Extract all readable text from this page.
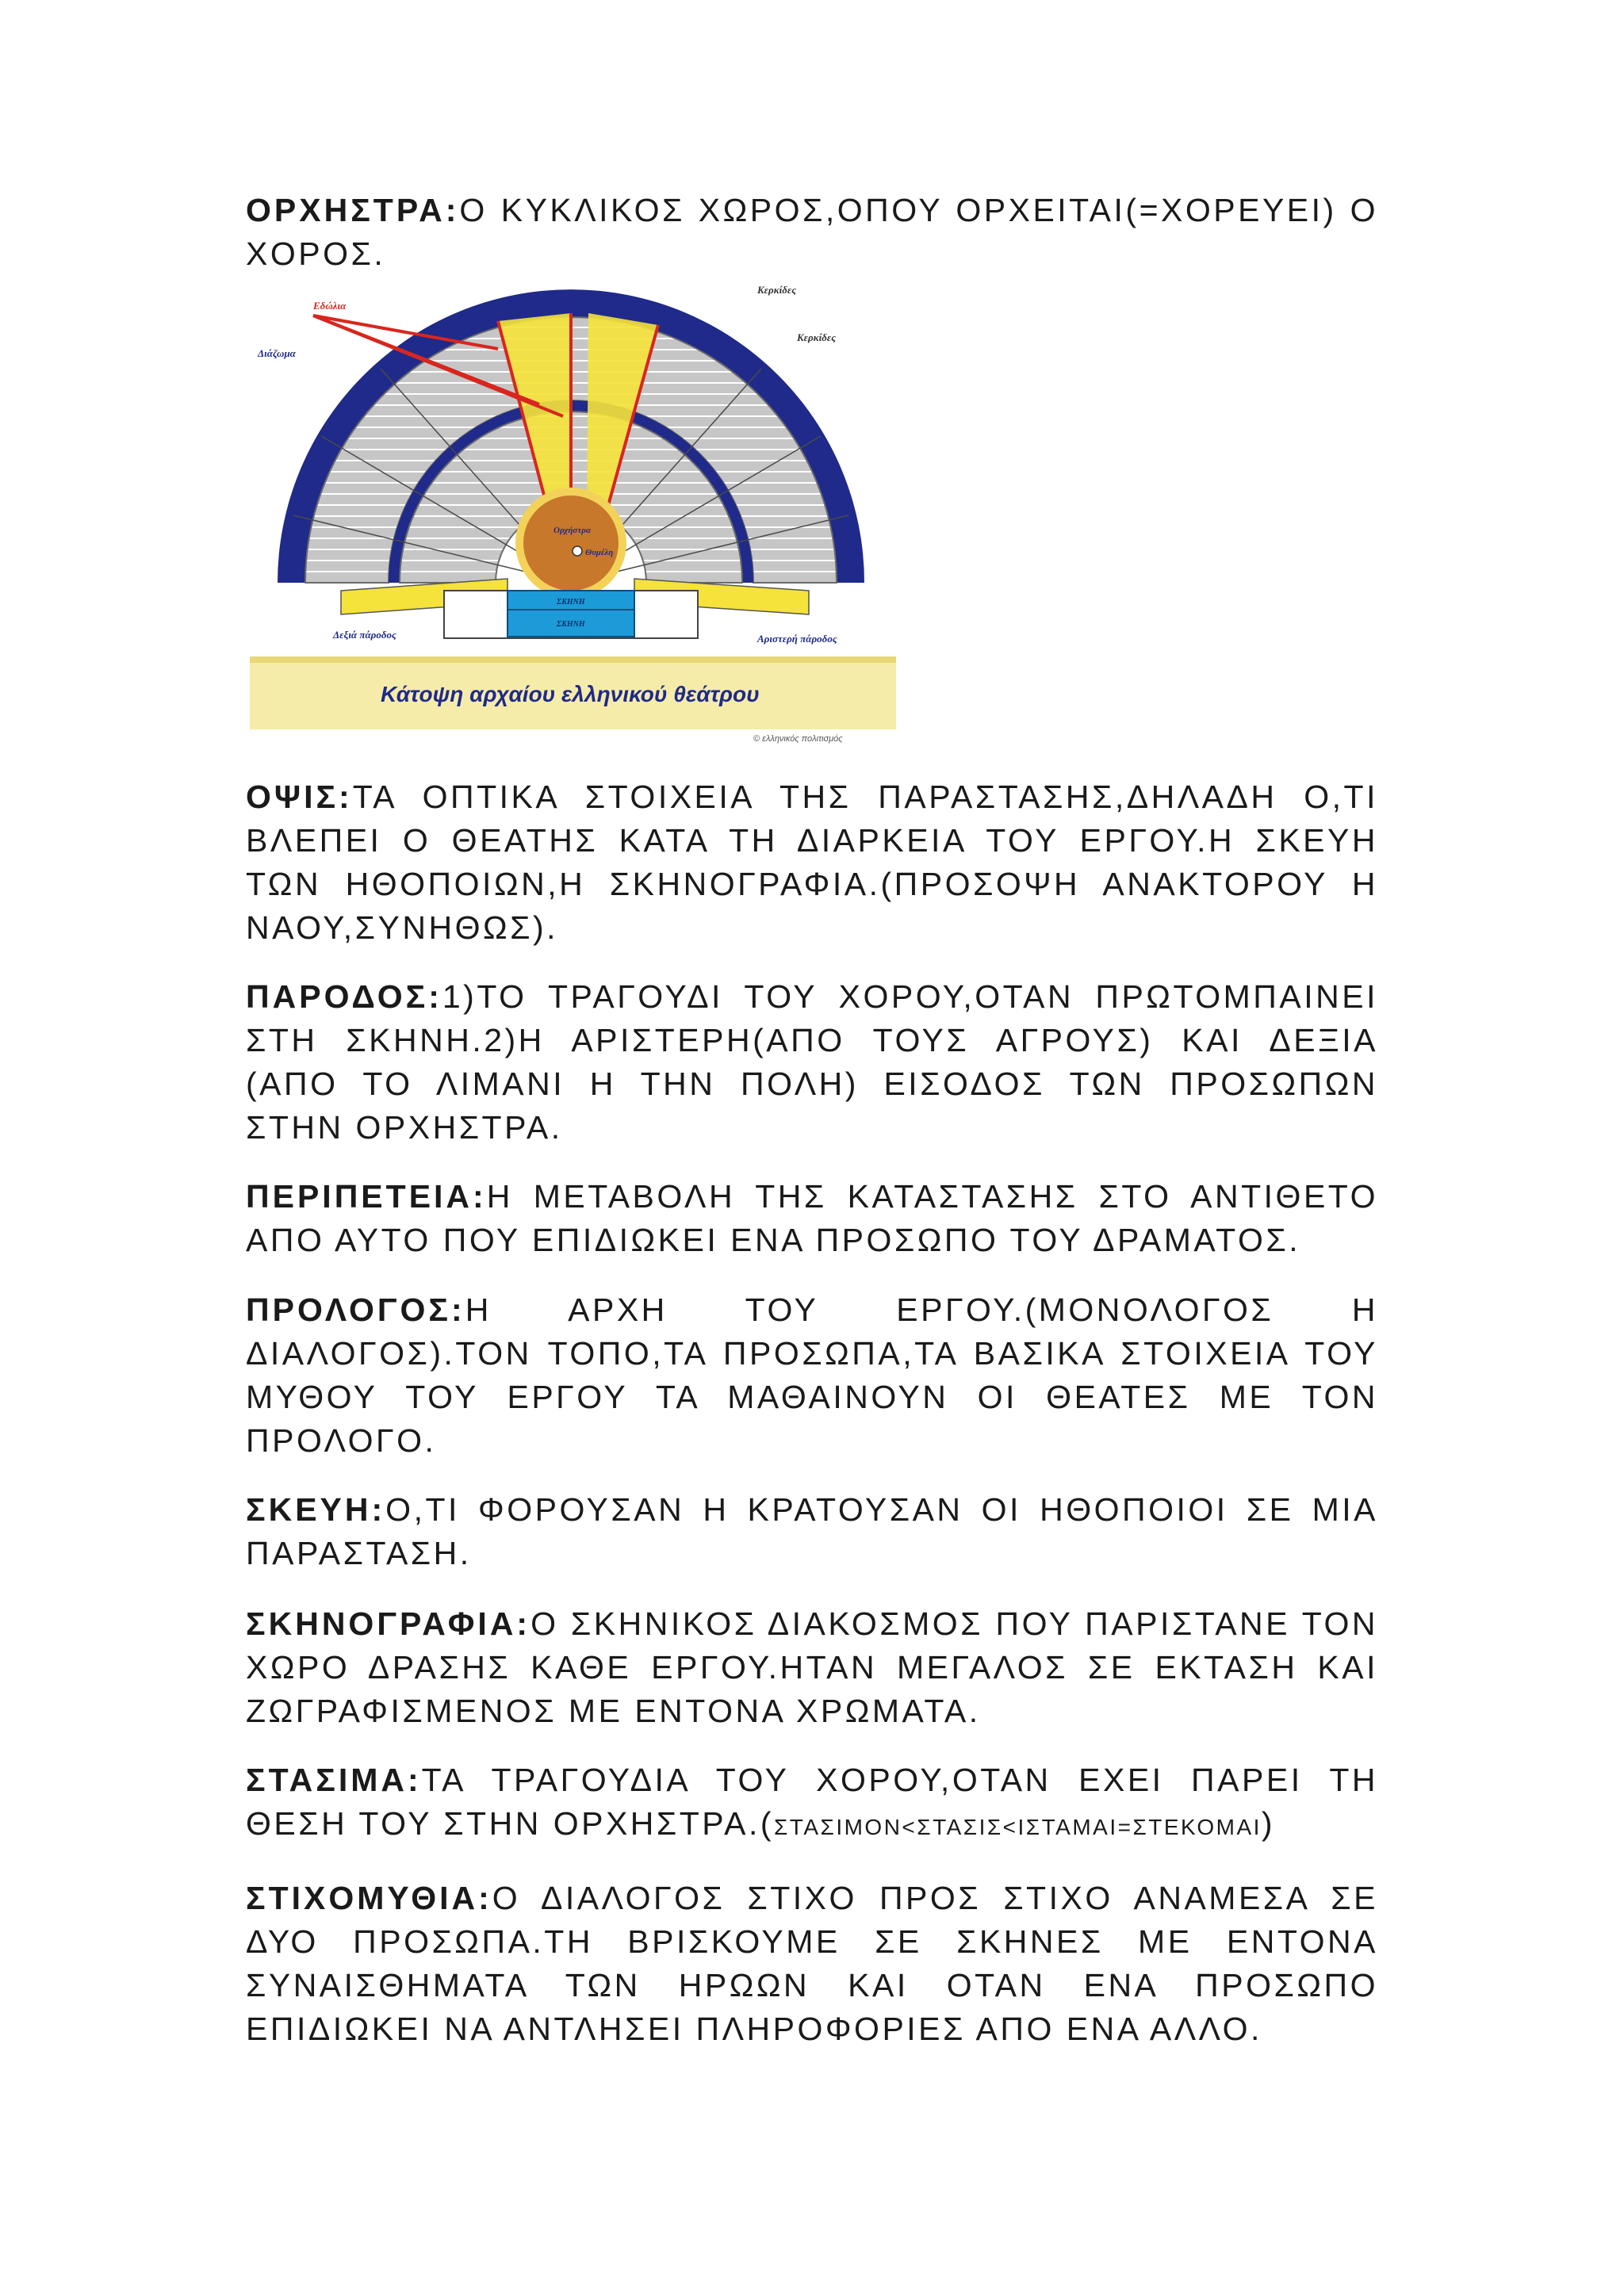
ΟΡΧΗΣΤΡΑ:Ο ΚΥΚΛΙΚΟΣ ΧΩΡΟΣ,ΟΠΟΥ ΟΡΧΕΙΤΑΙ(=ΧΟΡΕΥΕΙ) Ο ΧΟΡΟΣ.

Εδώλια
Διάζωμα
Κερκίδες
Κερκίδες
Ορχήστρα
Θυμέλη
ΣΚΗΝΗ
ΣΚΗΝΗ
Δεξιά πάροδος	Αριστερή πάροδος
Κάτοψη αρχαίου ελληνικού θεάτρου
© ελληνικός πολιτισμός

ΟΨΙΣ:ΤΑ ΟΠΤΙΚΑ ΣΤΟΙΧΕΙΑ ΤΗΣ ΠΑΡΑΣΤΑΣΗΣ,ΔΗΛΑΔΗ Ο,ΤΙ ΒΛΕΠΕΙ Ο ΘΕΑΤΗΣ ΚΑΤΑ ΤΗ ΔΙΑΡΚΕΙΑ ΤΟΥ ΕΡΓΟΥ.Η ΣΚΕΥΗ ΤΩΝ ΗΘΟΠΟΙΩΝ,Η ΣΚΗΝΟΓΡΑΦΙΑ.(ΠΡΟΣΟΨΗ ΑΝΑΚΤΟΡΟΥ Η ΝΑΟΥ,ΣΥΝΗΘΩΣ).

ΠΑΡΟΔΟΣ:1)ΤΟ ΤΡΑΓΟΥΔΙ ΤΟΥ ΧΟΡΟΥ,ΟΤΑΝ ΠΡΩΤΟΜΠΑΙΝΕΙ ΣΤΗ ΣΚΗΝΗ.2)Η ΑΡΙΣΤΕΡΗ(ΑΠΟ ΤΟΥΣ ΑΓΡΟΥΣ) ΚΑΙ ΔΕΞΙΑ (ΑΠΟ ΤΟ ΛΙΜΑΝΙ Η ΤΗΝ ΠΟΛΗ) ΕΙΣΟΔΟΣ ΤΩΝ ΠΡΟΣΩΠΩΝ ΣΤΗΝ ΟΡΧΗΣΤΡΑ.

ΠΕΡΙΠΕΤΕΙΑ:Η ΜΕΤΑΒΟΛΗ ΤΗΣ ΚΑΤΑΣΤΑΣΗΣ ΣΤΟ ΑΝΤΙΘΕΤΟ ΑΠΟ ΑΥΤΟ ΠΟΥ ΕΠΙΔΙΩΚΕΙ ΕΝΑ ΠΡΟΣΩΠΟ ΤΟΥ ΔΡΑΜΑΤΟΣ.

ΠΡΟΛΟΓΟΣ:Η ΑΡΧΗ ΤΟΥ ΕΡΓΟΥ.(ΜΟΝΟΛΟΓΟΣ Η ΔΙΑΛΟΓΟΣ).ΤΟΝ ΤΟΠΟ,ΤΑ ΠΡΟΣΩΠΑ,ΤΑ ΒΑΣΙΚΑ ΣΤΟΙΧΕΙΑ ΤΟΥ ΜΥΘΟΥ ΤΟΥ ΕΡΓΟΥ ΤΑ ΜΑΘΑΙΝΟΥΝ ΟΙ ΘΕΑΤΕΣ ΜΕ ΤΟΝ ΠΡΟΛΟΓΟ.

ΣΚΕΥΗ:Ο,ΤΙ ΦΟΡΟΥΣΑΝ Η ΚΡΑΤΟΥΣΑΝ ΟΙ ΗΘΟΠΟΙΟΙ ΣΕ ΜΙΑ ΠΑΡΑΣΤΑΣΗ.

ΣΚΗΝΟΓΡΑΦΙΑ:Ο ΣΚΗΝΙΚΟΣ ΔΙΑΚΟΣΜΟΣ ΠΟΥ ΠΑΡΙΣΤΑΝΕ ΤΟΝ ΧΩΡΟ ΔΡΑΣΗΣ ΚΑΘΕ ΕΡΓΟΥ.ΗΤΑΝ ΜΕΓΑΛΟΣ ΣΕ ΕΚΤΑΣΗ ΚΑΙ ΖΩΓΡΑΦΙΣΜΕΝΟΣ ΜΕ ΕΝΤΟΝΑ ΧΡΩΜΑΤΑ.

ΣΤΑΣΙΜΑ:ΤΑ ΤΡΑΓΟΥΔΙΑ ΤΟΥ ΧΟΡΟΥ,ΟΤΑΝ ΕΧΕΙ ΠΑΡΕΙ ΤΗ ΘΕΣΗ ΤΟΥ ΣΤΗΝ ΟΡΧΗΣΤΡΑ.(ΣΤΑΣΙΜΟΝ<ΣΤΑΣΙΣ<ΙΣΤΑΜΑΙ=ΣΤΕΚΟΜΑΙ)

ΣΤΙΧΟΜΥΘΙΑ:Ο ΔΙΑΛΟΓΟΣ ΣΤΙΧΟ ΠΡΟΣ ΣΤΙΧΟ ΑΝΑΜΕΣΑ ΣΕ ΔΥΟ ΠΡΟΣΩΠΑ.ΤΗ ΒΡΙΣΚΟΥΜΕ ΣΕ ΣΚΗΝΕΣ ΜΕ ΕΝΤΟΝΑ ΣΥΝΑΙΣΘΗΜΑΤΑ ΤΩΝ ΗΡΩΩΝ ΚΑΙ ΟΤΑΝ ΕΝΑ ΠΡΟΣΩΠΟ ΕΠΙΔΙΩΚΕΙ ΝΑ ΑΝΤΛΗΣΕΙ ΠΛΗΡΟΦΟΡΙΕΣ ΑΠΟ ΕΝΑ ΑΛΛΟ.
